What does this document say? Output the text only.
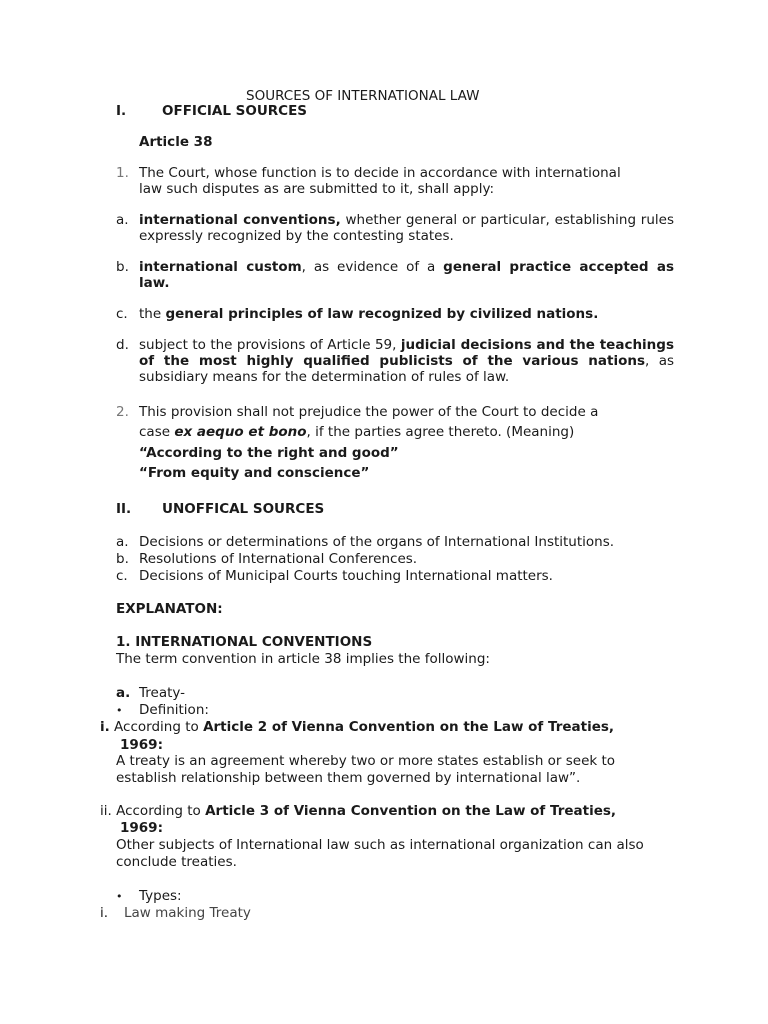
SOURCES OF INTERNATIONAL LAW
I.	OFFICIAL SOURCES
Article 38
1. The Court, whose function is to decide in accordance with international
law such disputes as are submitted to it, shall apply:
a. international conventions, whether general or particular, establishing rules expressly recognized by the contesting states.
b. international custom, as evidence of a general practice accepted as law.
c. the general principles of law recognized by civilized nations.
d. subject to the provisions of Article 59, judicial decisions and the teachings of the most highly qualified publicists of the various nations, as subsidiary means for the determination of rules of law.
2. This provision shall not prejudice the power of the Court to decide a
case ex aequo et bono, if the parties agree thereto. (Meaning)
“According to the right and good”
“From equity and conscience”
II. UNOFFICAL SOURCES
a. Decisions or determinations of the organs of International Institutions.
b. Resolutions of International Conferences.
c. Decisions of Municipal Courts touching International matters.
EXPLANATON:
1. INTERNATIONAL CONVENTIONS
The term convention in article 38 implies the following:
a. Treaty-
• Definition:
i. According to Article 2 of Vienna Convention on the Law of Treaties,
1969:
A treaty is an agreement whereby two or more states establish or seek to
establish relationship between them governed by international law”.
ii. According to Article 3 of Vienna Convention on the Law of Treaties,
1969:
Other subjects of International law such as international organization can also
conclude treaties.
• Types:
i. Law making Treaty
